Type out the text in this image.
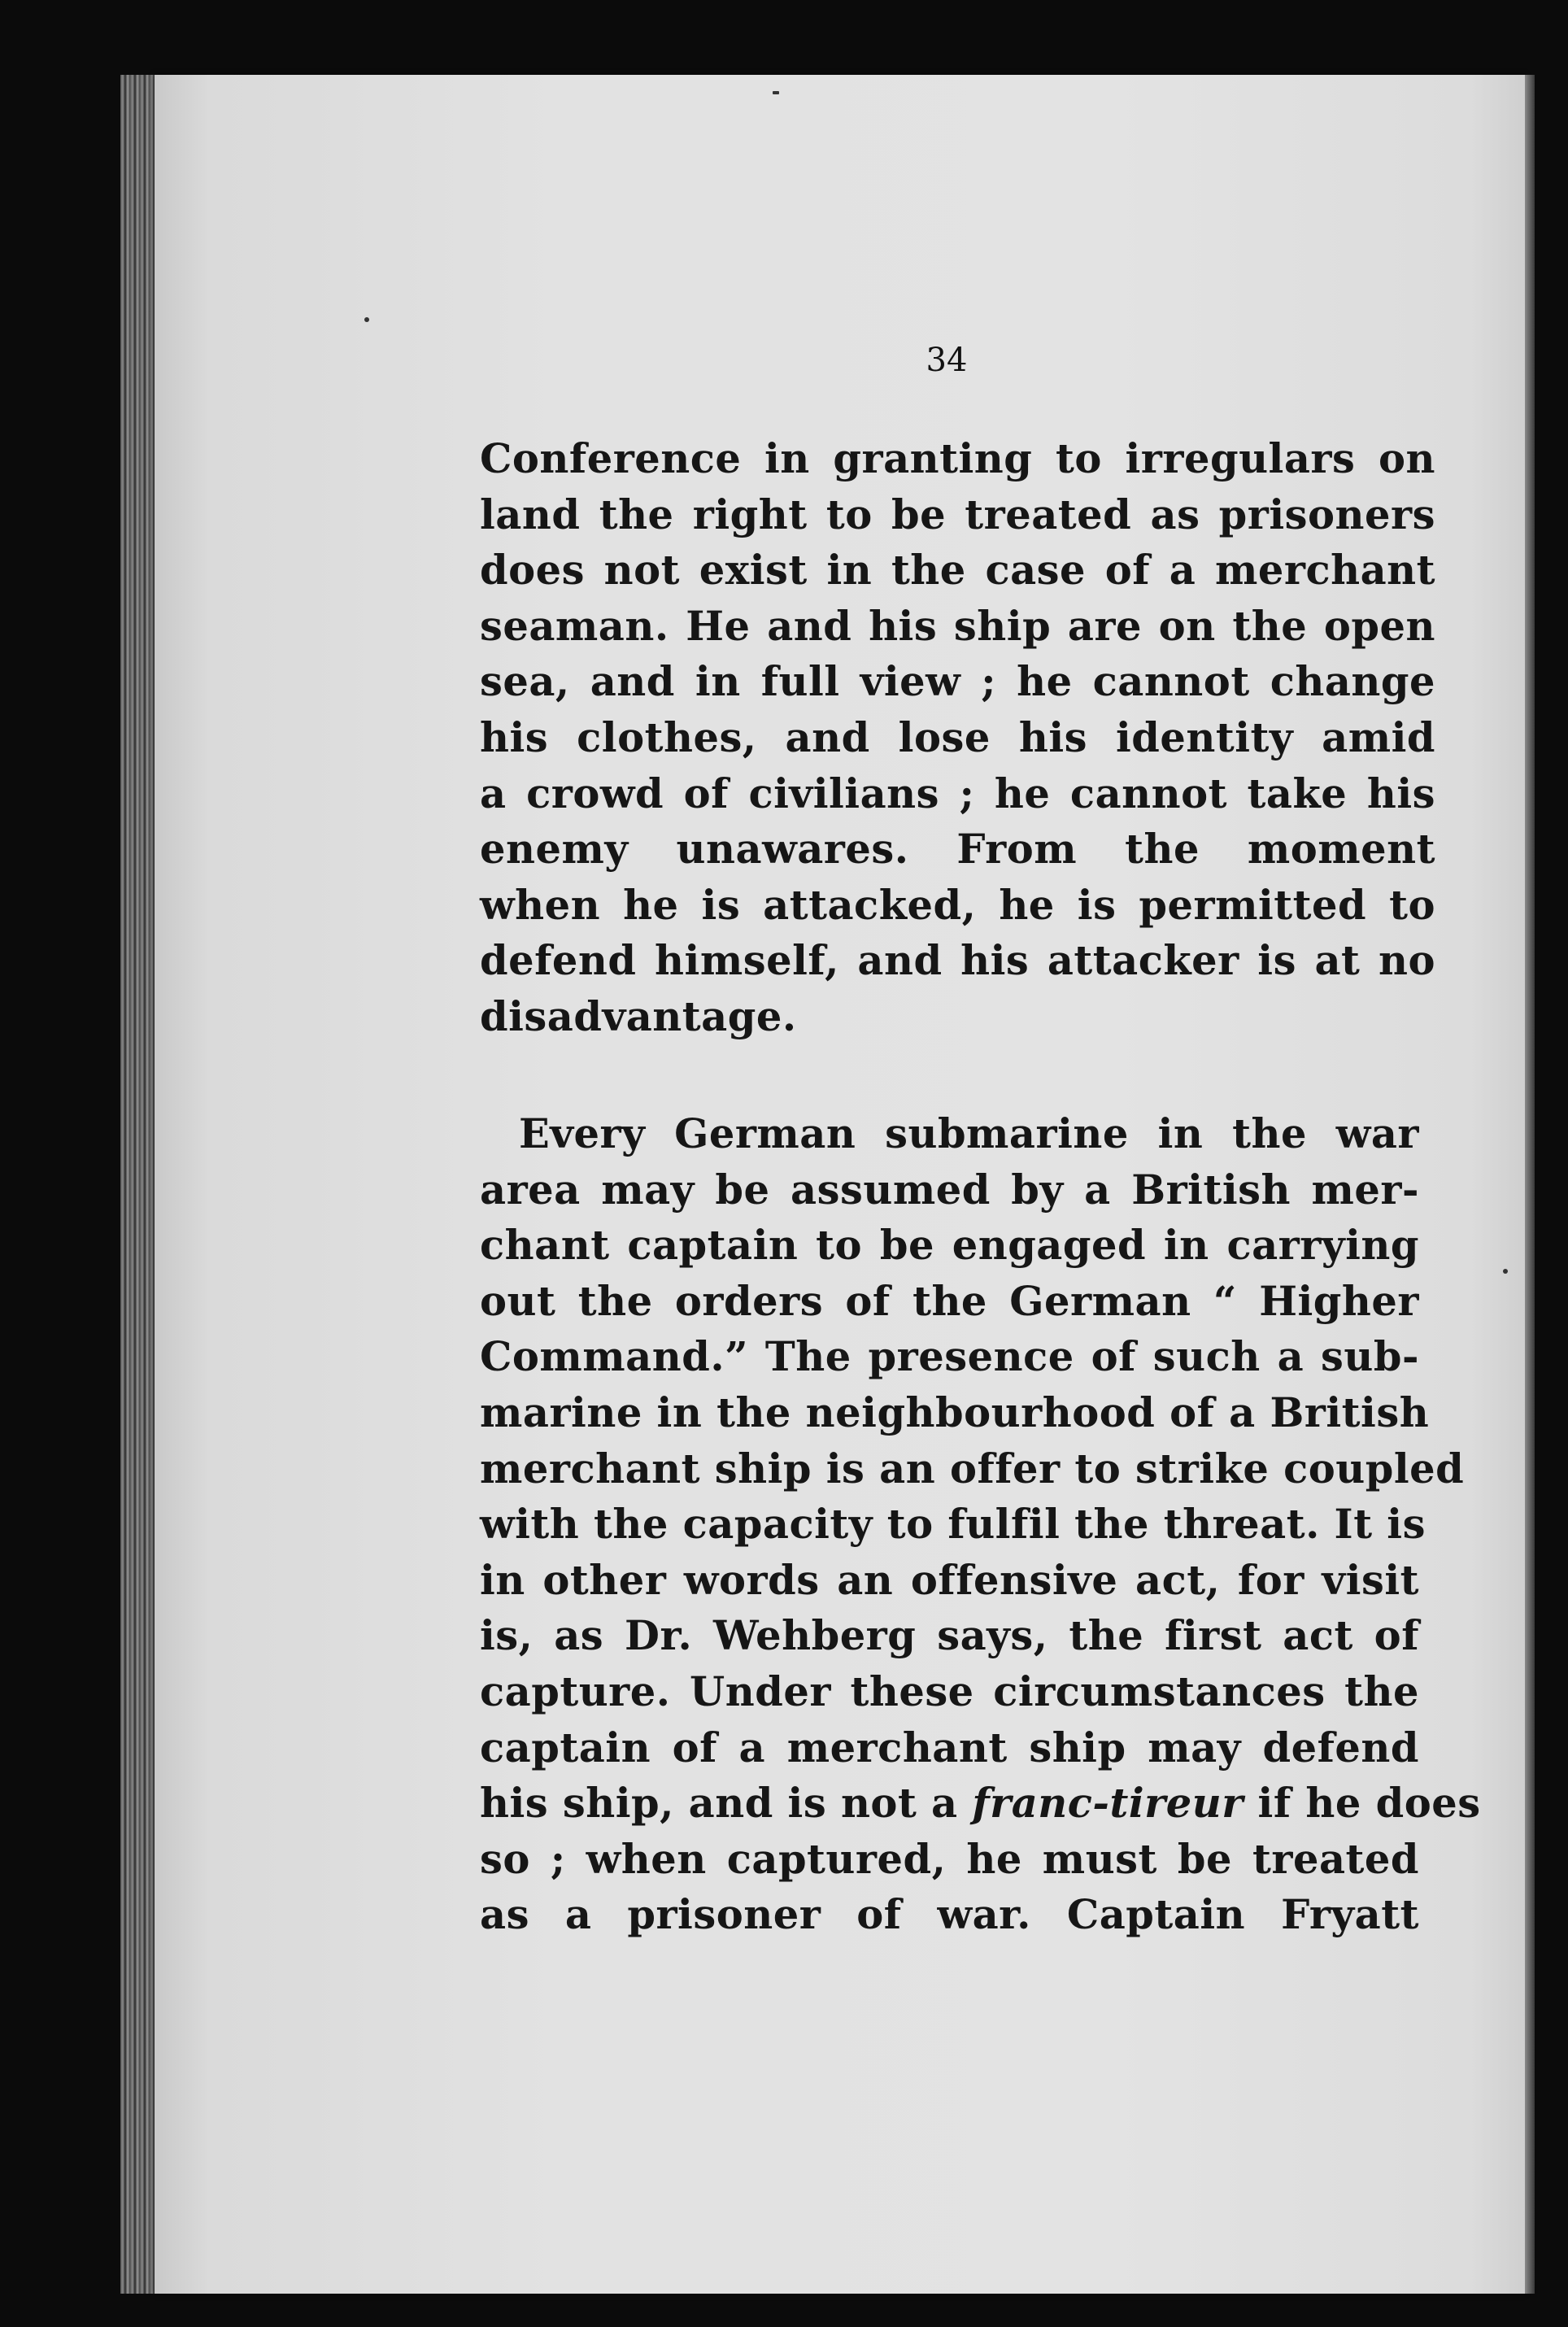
34
Conference in granting to irregulars on
land the right to be treated as prisoners
does not exist in the case of a merchant
seaman. He and his ship are on the open
sea, and in full view ; he cannot change
his clothes, and lose his identity amid
a crowd of civilians ; he cannot take his
enemy unawares. From the moment
when he is attacked, he is permitted to
defend himself, and his attacker is at no
disadvantage.
Every German submarine in the war
area may be assumed by a British mer-
chant captain to be engaged in carrying
out the orders of the German “ Higher
Command.” The presence of such a sub-
marine in the neighbourhood of a British
merchant ship is an offer to strike coupled
with the capacity to fulfil the threat. It is
in other words an offensive act, for visit
is, as Dr. Wehberg says, the first act of
capture. Under these circumstances the
captain of a merchant ship may defend
his ship, and is not a franc-tireur if he does
so ; when captured, he must be treated
as a prisoner of war. Captain Fryatt
